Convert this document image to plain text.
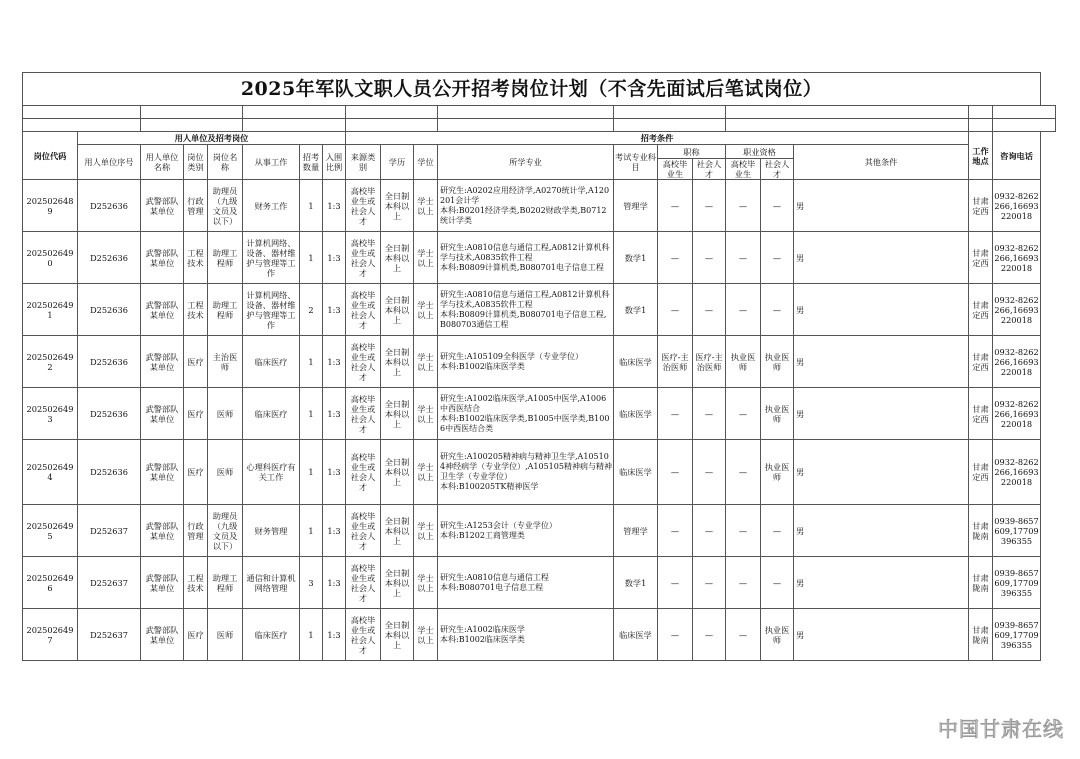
2025年军队文职人员公开招考岗位计划（不含先面试后笔试岗位）																			

岗位代码	用人单位及招考岗位							招考条件										工作地点	咨询电话
	用人单位序号	用人单位名称	岗位类别	岗位名称	从事工作	招考数量	入围比例	来源类别	学历	学位	所学专业	考试专业科目	职称		职业资格		其他条件		
													高校毕业生	社会人才	高校毕业生	社会人才			
2025026489	D252636	武警部队某单位	行政管理	助理员（九级文员及以下）	财务工作	1	1:3	高校毕业生或社会人才	全日制本科以上	学士以上	研究生:A0202应用经济学,A0270统计学,A120201会计学
本科:B0201经济学类,B0202财政学类,B0712统计学类	管理学	—	—	—	—	男	甘肃定西	0932-8262266,16693220018
2025026490	D252636	武警部队某单位	工程技术	助理工程师	计算机网络、设备、器材维护与管理等工作	1	1:3	高校毕业生或社会人才	全日制本科以上	学士以上	研究生:A0810信息与通信工程,A0812计算机科学与技术,A0835软件工程
本科:B0809计算机类,B080701电子信息工程	数学1	—	—	—	—	男	甘肃定西	0932-8262266,16693220018
2025026491	D252636	武警部队某单位	工程技术	助理工程师	计算机网络、设备、器材维护与管理等工作	2	1:3	高校毕业生或社会人才	全日制本科以上	学士以上	研究生:A0810信息与通信工程,A0812计算机科学与技术,A0835软件工程
本科:B0809计算机类,B080701电子信息工程,B080703通信工程	数学1	—	—	—	—	男	甘肃定西	0932-8262266,16693220018
2025026492	D252636	武警部队某单位	医疗	主治医师	临床医疗	1	1:3	高校毕业生或社会人才	全日制本科以上	学士以上	研究生:A105109全科医学（专业学位）
本科:B1002临床医学类	临床医学	医疗-主治医师	医疗-主治医师	执业医师	执业医师	男	甘肃定西	0932-8262266,16693220018
2025026493	D252636	武警部队某单位	医疗	医师	临床医疗	1	1:3	高校毕业生或社会人才	全日制本科以上	学士以上	研究生:A1002临床医学,A1005中医学,A1006中西医结合
本科:B1002临床医学类,B1005中医学类,B1006中西医结合类	临床医学	—	—	—	执业医师	男	甘肃定西	0932-8262266,16693220018
2025026494	D252636	武警部队某单位	医疗	医师	心理科医疗有关工作	1	1:3	高校毕业生或社会人才	全日制本科以上	学士以上	研究生:A100205精神病与精神卫生学,A105104神经病学（专业学位）,A105105精神病与精神卫生学（专业学位）
本科:B100205TK精神医学	临床医学	—	—	—	执业医师	男	甘肃定西	0932-8262266,16693220018
2025026495	D252637	武警部队某单位	行政管理	助理员（九级文员及以下）	财务管理	1	1:3	高校毕业生或社会人才	全日制本科以上	学士以上	研究生:A1253会计（专业学位）
本科:B1202工商管理类	管理学	—	—	—	—	男	甘肃陇南	0939-8657609,17709396355
2025026496	D252637	武警部队某单位	工程技术	助理工程师	通信和计算机网络管理	3	1:3	高校毕业生或社会人才	全日制本科以上	学士以上	研究生:A0810信息与通信工程
本科:B080701电子信息工程	数学1	—	—	—	—	男	甘肃陇南	0939-8657609,17709396355
2025026497	D252637	武警部队某单位	医疗	医师	临床医疗	1	1:3	高校毕业生或社会人才	全日制本科以上	学士以上	研究生:A1002临床医学
本科:B1002临床医学类	临床医学	—	—	—	执业医师	男	甘肃陇南	0939-8657609,17709396355
中国甘肃在线
